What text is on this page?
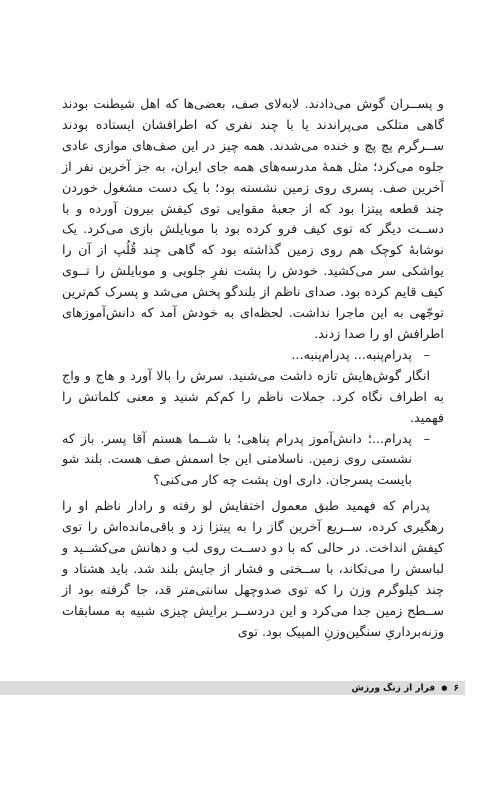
و پســران گوش می‌دادند. لابه‌لای صف، بعضی‌ها که اهل شیطنت بودند گاهی متلکی می‌پراندند یا با چند نفری که اطرافشان ایستاده بودند ســرگرم پچ پچ و خنده می‌شدند. همه چیز در این صف‌های موازی عادی جلوه می‌کرد؛ مثل همهٔ مدرسه‌های همه جای ایران، به جز آخرین نفر از آخرین صف. پسری روی زمین نشسته بود؛ با یک دست مشغول خوردن چند قطعه پیتزا بود که از جعبهٔ مقوایی توی کیفش بیرون آورده و با دســت دیگر که توی کیف فرو کرده بود با موبایلش بازی می‌کرد. یک نوشابهٔ کوچک هم روی زمین گذاشته بود که گاهی چند قُلُپ از آن را یواشکی سر می‌کشید. خودش را پشت نفرِ جلویی و موبایلش را تــوی کیف قایم کرده بود. صدای ناظم از بلندگو پخش می‌شد و پسرک کم‌ترین توجّهی به این ماجرا نداشت. لحظه‌ای به خودش آمد که دانش‌آموزهای اطرافش او را صدا زدند.

–
پدرام‌پنبه... پدرام‌پنبه...

انگار گوش‌هایش تازه داشت می‌شنید. سرش را بالا آورد و هاج و واج به اطراف نگاه کرد. جملات ناظم را کم‌کم شنید و معنی کلماتش را فهمید.

–
پدرام...؛ دانش‌آموز پدرام پناهی؛ با شــما هستم آقا پسر. باز که نشستی روی زمین. ناسلامتی این جا اسمش صف هست. بلند شو بایست پسرجان. داری اون پشت چه کار می‌کنی؟

پدرام که فهمید طبق معمول اختفایش لو رفته و رادار ناظم او را رهگیری کرده، ســریع آخرین گاز را به پیتزا زد و باقی‌مانده‌اش را توی کیفش انداخت. در حالی که با دو دســت روی لب و دهانش می‌کشــید و لباسش را می‌تکاند، با ســختی و فشار از جایش بلند شد. باید هشتاد و چند کیلوگرم وزن را که توی صدوچهل سانتی‌متر قد، جا گرفته بود از ســطح زمین جدا می‌کرد و این دردســر برایش چیزی شبیه به مسابقات وزنه‌برداریِ سنگین‌وزنِ المپیک بود. توی

۶ ● فرار از زنگ ورزش
